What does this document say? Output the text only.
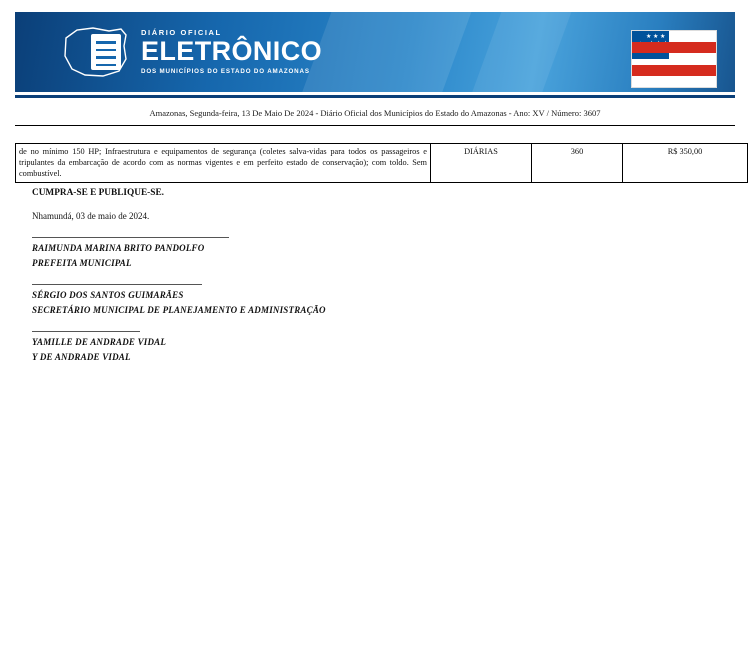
DIÁRIO OFICIAL
ELETRÔNICO
DOS MUNICÍPIOS DO ESTADO DO AMAZONAS
★ ★ ★
Amazonas, Segunda-feira, 13 De Maio De 2024 - Diário Oficial dos Municípios do Estado do Amazonas - Ano: XV / Número: 3607
de no mínimo 150 HP; Infraestrutura e equipamentos de segurança (coletes salva-vidas para todos os passageiros e tripulantes da embarcação de acordo com as normas vigentes e em perfeito estado de conservação); com toldo. Sem combustível.	DIÁRIAS	360	R$ 350,00

CUMPRA-SE E PUBLIQUE-SE.

Nhamundá, 03 de maio de 2024.

RAIMUNDA MARINA BRITO PANDOLFO

PREFEITA MUNICIPAL

SÉRGIO DOS SANTOS GUIMARÃES

SECRETÁRIO MUNICIPAL DE PLANEJAMENTO E ADMINISTRAÇÃO

YAMILLE DE ANDRADE VIDAL

Y DE ANDRADE VIDAL
